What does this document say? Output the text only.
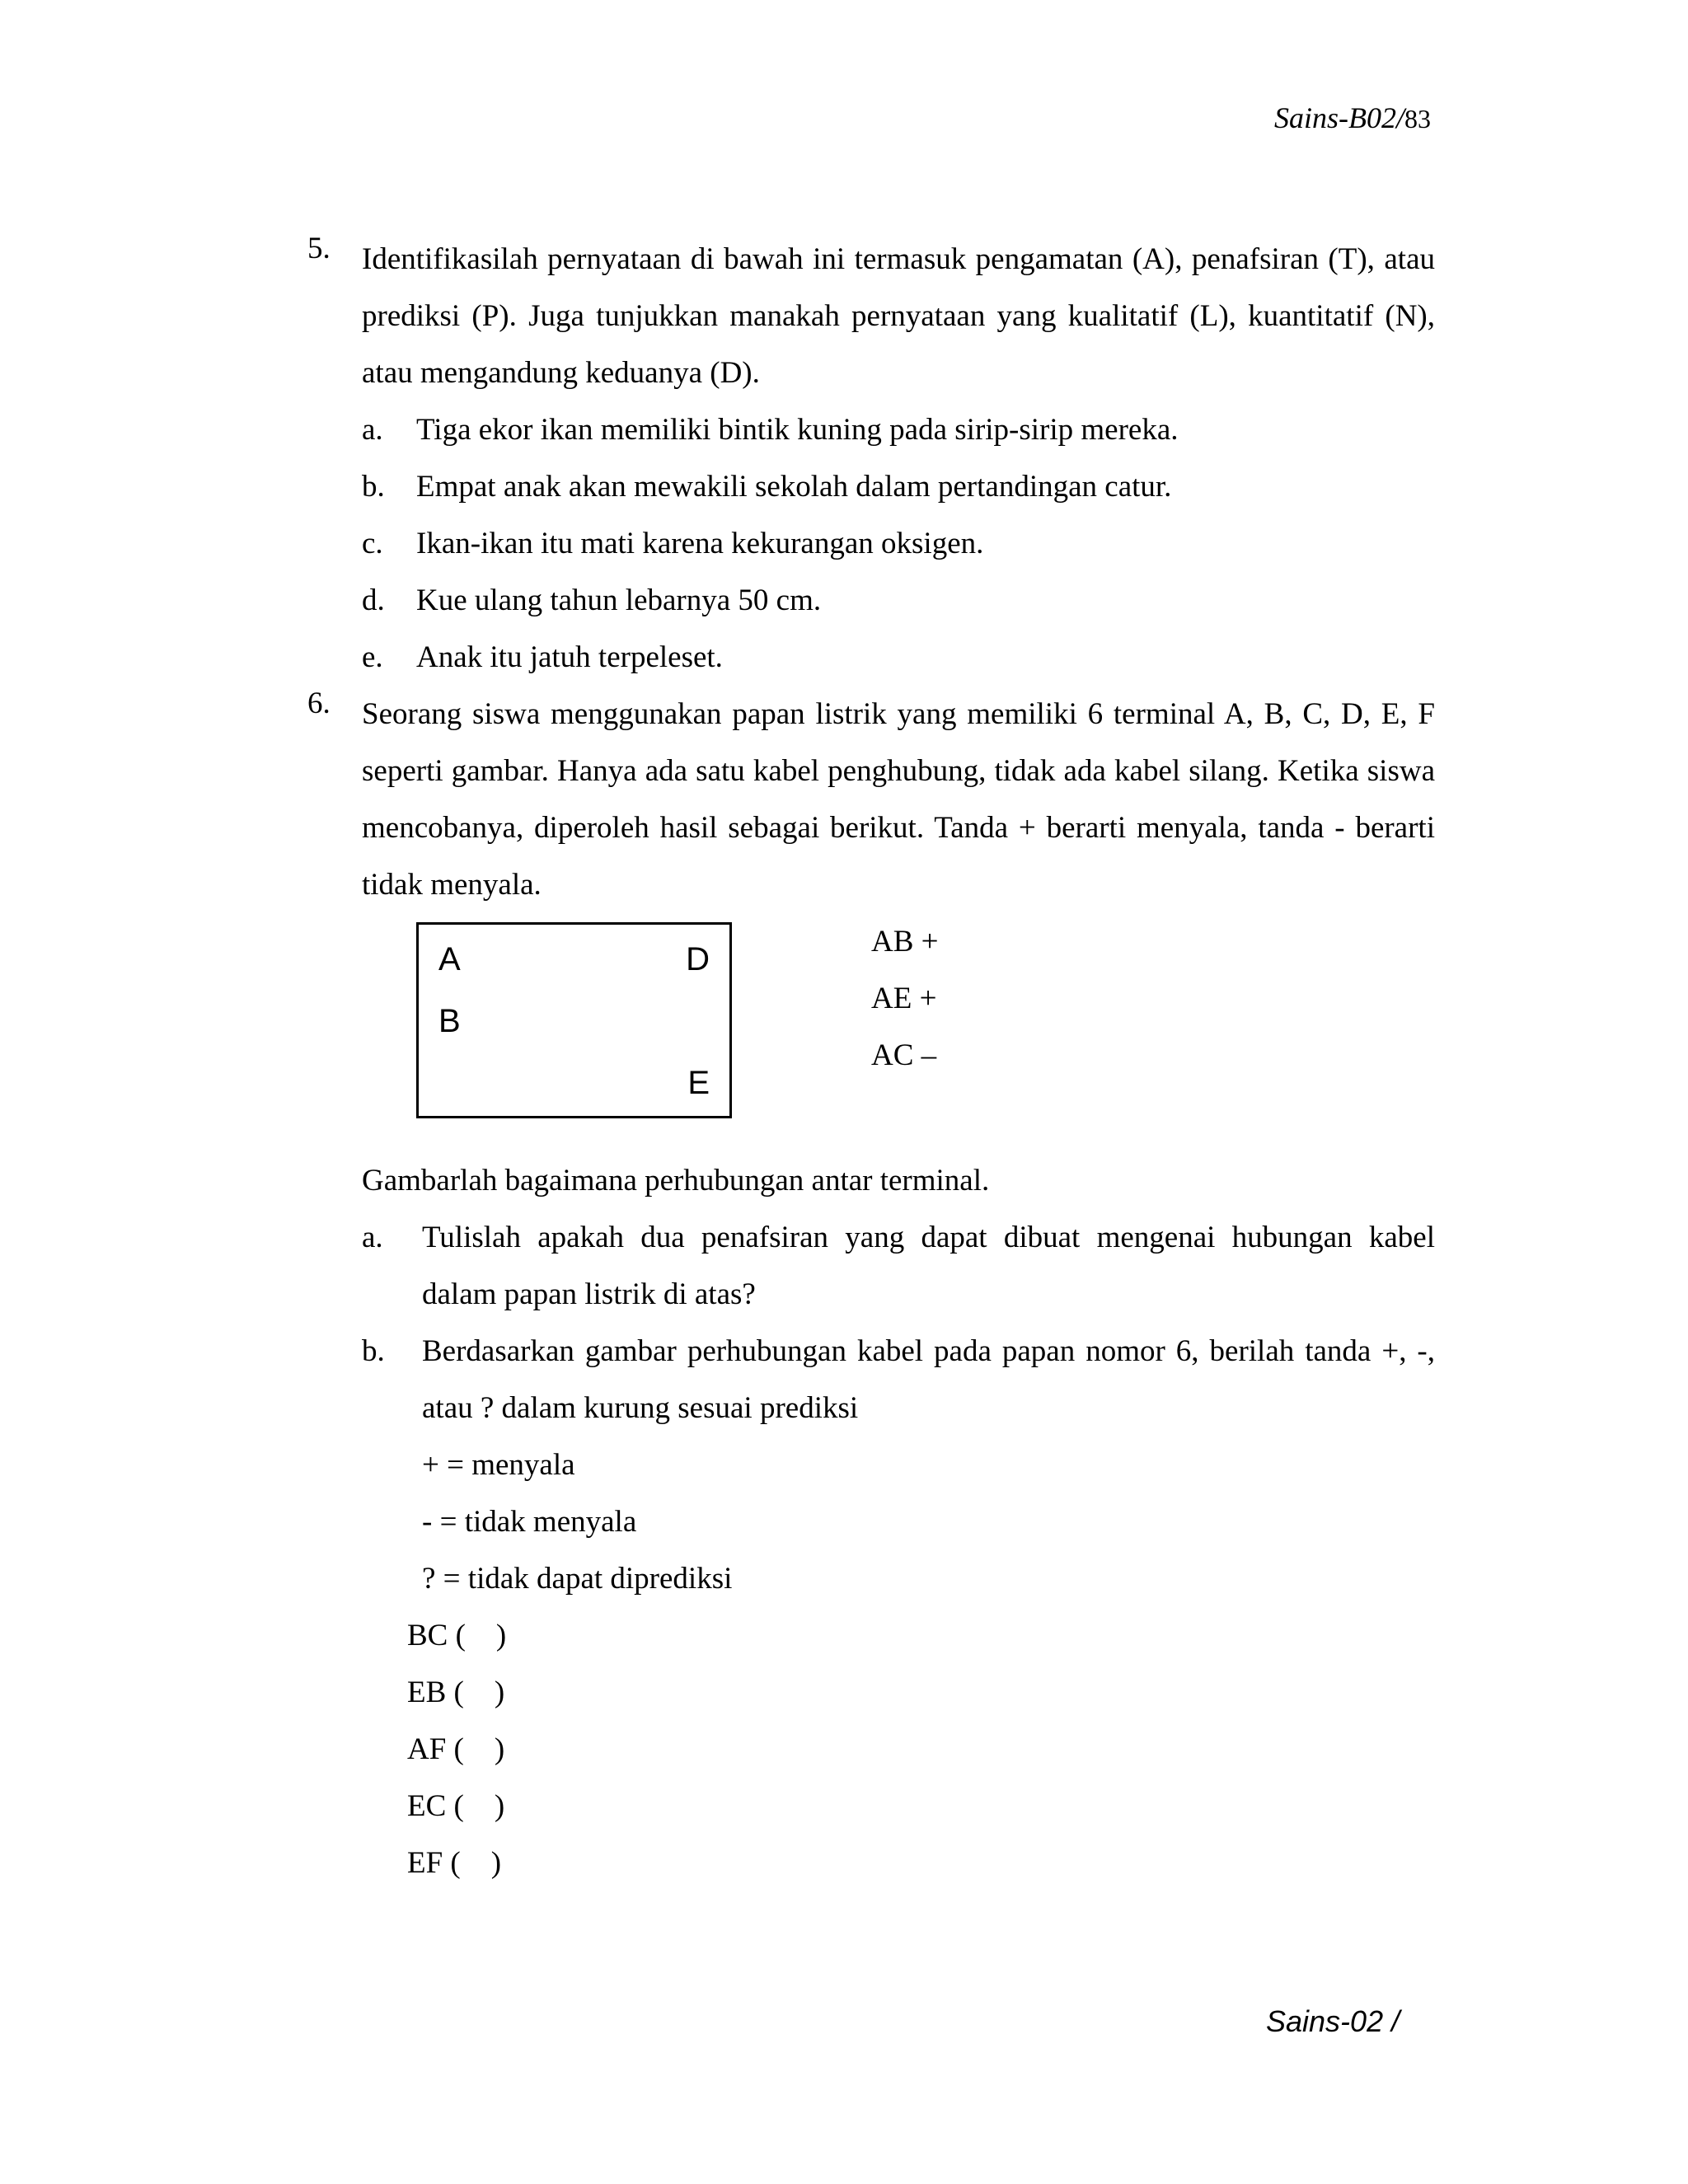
Sains-B02/83
5. Identifikasilah pernyataan di bawah ini termasuk pengamatan (A), penafsiran (T), atau prediksi (P). Juga tunjukkan manakah pernyataan yang kualitatif (L), kuantitatif (N), atau mengandung keduanya (D).
a. Tiga ekor ikan memiliki bintik kuning pada sirip-sirip mereka.
b. Empat anak akan mewakili sekolah dalam pertandingan catur.
c. Ikan-ikan itu mati karena kekurangan oksigen.
d. Kue ulang tahun lebarnya 50 cm.
e. Anak itu jatuh terpeleset.
6. Seorang siswa menggunakan papan listrik yang memiliki 6 terminal A, B, C, D, E, F seperti gambar. Hanya ada satu kabel penghubung, tidak ada kabel silang. Ketika siswa mencobanya, diperoleh hasil sebagai berikut. Tanda + berarti menyala, tanda - berarti tidak menyala.
A
B
D
E
AB +
AE +
AC –
Gambarlah bagaimana perhubungan antar terminal.
a. Tulislah apakah dua penafsiran yang dapat dibuat mengenai hubungan kabel dalam papan listrik di atas?
b. Berdasarkan gambar perhubungan kabel pada papan nomor 6, berilah tanda +, -, atau ? dalam kurung sesuai prediksi
+ = menyala
- = tidak menyala
? = tidak dapat diprediksi
BC (    )
EB (    )
AF (    )
EC (    )
EF (    )
Sains-02 /
